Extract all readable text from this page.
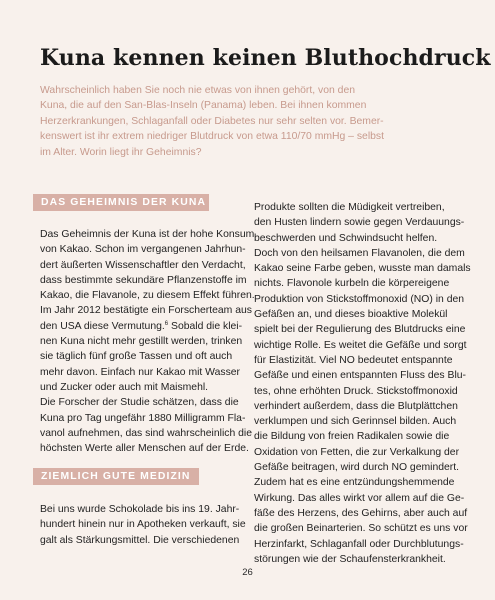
Kuna kennen keinen Bluthochdruck
Wahrscheinlich haben Sie noch nie etwas von ihnen gehört, von den
Kuna, die auf den San-Blas-Inseln (Panama) leben. Bei ihnen kommen
Herzerkrankungen, Schlaganfall oder Diabetes nur sehr selten vor. Bemer-
kenswert ist ihr extrem niedriger Blutdruck von etwa 110/70 mmHg – selbst
im Alter. Worin liegt ihr Geheimnis?
DAS GEHEIMNIS DER KUNA
Das Geheimnis der Kuna ist der hohe Konsum
von Kakao. Schon im vergangenen Jahrhun-
dert äußerten Wissenschaftler den Verdacht,
dass bestimmte sekundäre Pflanzenstoffe im
Kakao, die Flavanole, zu diesem Effekt führen.
Im Jahr 2012 bestätigte ein Forscherteam aus
den USA diese Vermutung.$^6$ Sobald die klei-
nen Kuna nicht mehr gestillt werden, trinken
sie täglich fünf große Tassen und oft auch
mehr davon. Einfach nur Kakao mit Wasser
und Zucker oder auch mit Maismehl.
Die Forscher der Studie schätzen, dass die
Kuna pro Tag ungefähr 1880 Milligramm Fla-
vanol aufnehmen, das sind wahrscheinlich die
höchsten Werte aller Menschen auf der Erde.
ZIEMLICH GUTE MEDIZIN
Bei uns wurde Schokolade bis ins 19. Jahr-
hundert hinein nur in Apotheken verkauft, sie
galt als Stärkungsmittel. Die verschiedenen
Produkte sollten die Müdigkeit vertreiben,
den Husten lindern sowie gegen Verdauungs-
beschwerden und Schwindsucht helfen.
Doch von den heilsamen Flavanolen, die dem
Kakao seine Farbe geben, wusste man damals
nichts. Flavonole kurbeln die körpereigene
Produktion von Stickstoffmonoxid (NO) in den
Gefäßen an, und dieses bioaktive Molekül
spielt bei der Regulierung des Blutdrucks eine
wichtige Rolle. Es weitet die Gefäße und sorgt
für Elastizität. Viel NO bedeutet entspannte
Gefäße und einen entspannten Fluss des Blu-
tes, ohne erhöhten Druck. Stickstoffmonoxid
verhindert außerdem, dass die Blutplättchen
verklumpen und sich Gerinnsel bilden. Auch
die Bildung von freien Radikalen sowie die
Oxidation von Fetten, die zur Verkalkung der
Gefäße beitragen, wird durch NO gemindert.
Zudem hat es eine entzündungshemmende
Wirkung. Das alles wirkt vor allem auf die Ge-
fäße des Herzens, des Gehirns, aber auch auf
die großen Beinarterien. So schützt es uns vor
Herzinfarkt, Schlaganfall oder Durchblutungs-
störungen wie der Schaufensterkrankheit.
26
